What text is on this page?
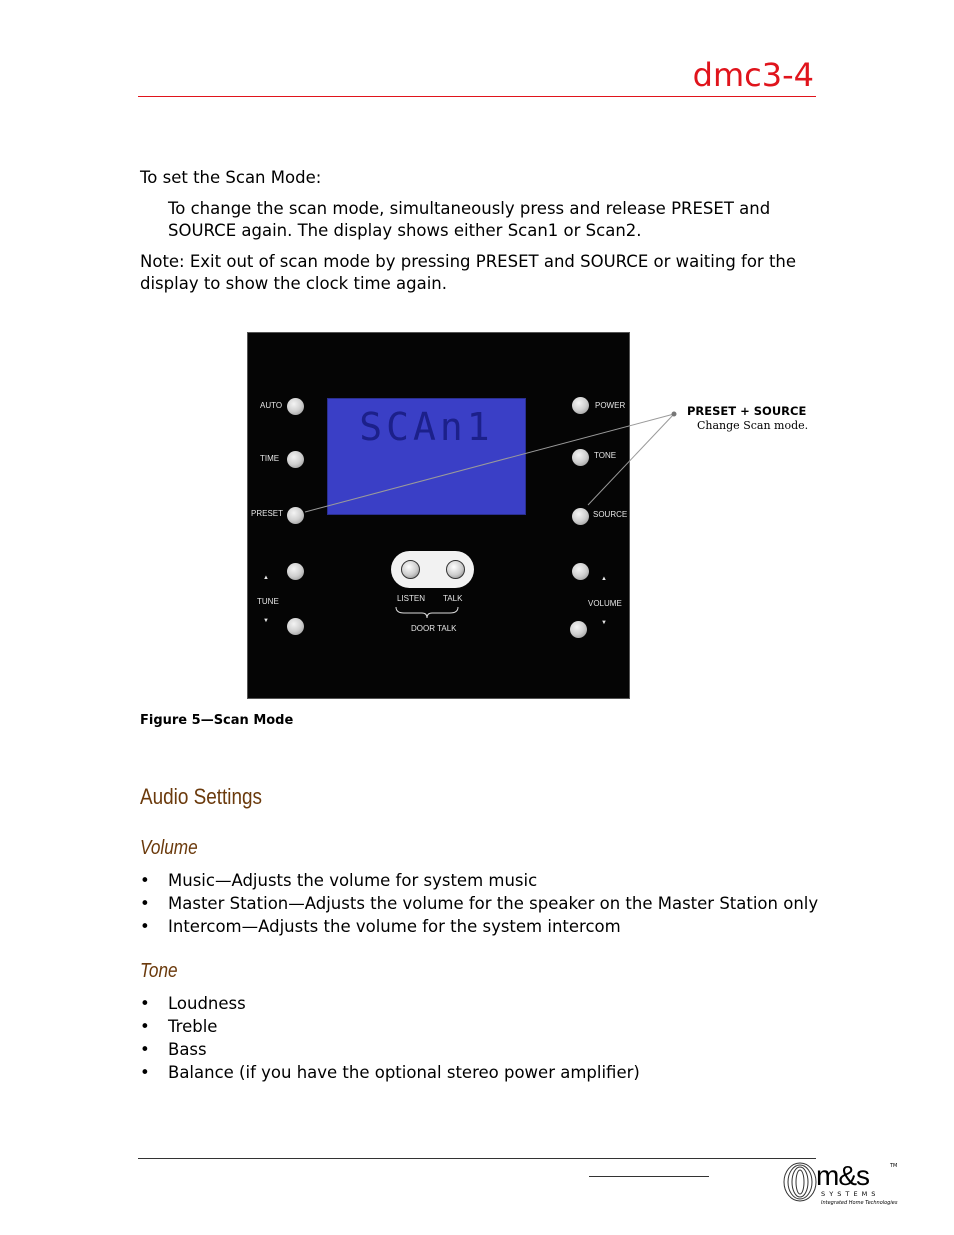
dmc3-4
To set the Scan Mode:
To change the scan mode, simultaneously press and release PRESET and SOURCE again. The display shows either Scan1 or Scan2.
Note: Exit out of scan mode by pressing PRESET and SOURCE or waiting for the display to show the clock time again.
SCAn1
AUTO
TIME
PRESET
▲
TUNE
▼
POWER
TONE
SOURCE
▲
VOLUME
▼
LISTEN TALK
DOOR TALK
PRESET + SOURCE
Change Scan mode.
Figure 5—Scan Mode
Audio Settings
Volume
• Music—Adjusts the volume for system music
• Master Station—Adjusts the volume for the speaker on the Master Station only
• Intercom—Adjusts the volume for the system intercom
Tone
• Loudness
• Treble
• Bass
• Balance (if you have the optional stereo power amplifier)
m&s	TM
S Y S T E M S
Integrated Home Technologies
